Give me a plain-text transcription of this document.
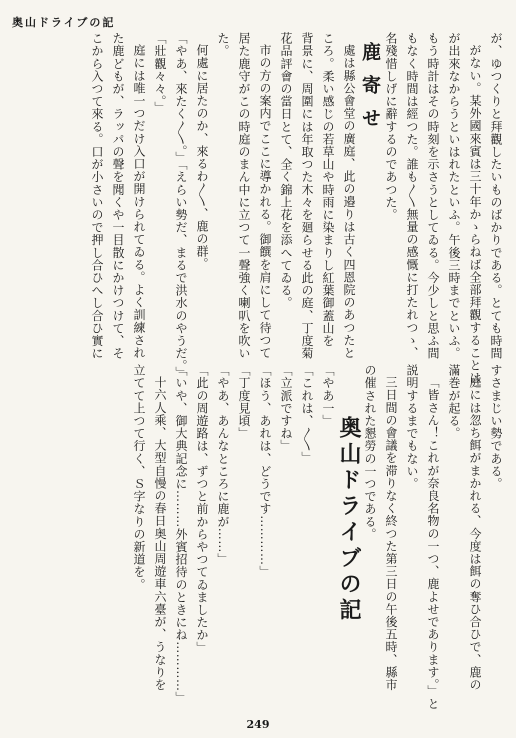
奥山ドライブの記

が、ゆつくりと拜觀したいものばかりである。とても時間

がない。某外國來賓は三十年かゝらねば全部拜觀することは

が出來なからうといはれたといふ。午後三時までといふ。

もう時計はその時刻を示さうとしてゐる。今少しと思ふ間

もなく時間は經つた。誰も〳〵無量の感慨に打たれつゝ、

名殘惜しげに辭するのであつた。

鹿寄せ

處は縣公會堂の廣庭、此の邉りは古く四恩院のあつたと

ころ。柔い感じの若草山や時雨に染まりし紅葉御蓋山を

背景に、周圍には年取つた木々を廻らせる此の庭、丁度菊

花品評會の當日とて、全く錦上花を添へてゐる。

市の方の案内でここに導かれる。御饌を肩にして待つて

居た鹿守がこの時庭のまん中に立つて一聲強く喇叭を吹い

た。

何處に居たのか、來るわ〳〵、鹿の群。

「やあ、來たく〳〵。」「えらい勢だ、まるで洪水のやうだ。」

「壯觀々々。」

庭には唯一つだけ入口が開けられてゐる。よく訓練され

た鹿どもが、ラッパの聲を聞くや一目散にかけつけて、そ

こから入つて來る。口が小さいので押し合ひへし合ひ實に

すさまじい勢である。

庭には忽ち餌がまかれる、今度は餌の奪ひ合ひで、鹿の

滿巻が起る。

「皆さん！これが奈良名物の一つ、鹿よせであります。」と

説明するまでもない。

三日間の會議を滞りなく終つた第三日の午後五時、縣市

の催された懇勞の一つである。

奥山ドライブの記

「やあ一」

「これは、〳〵」

「立派ですね」

「ほう、あれは、どうです…………」

「丁度見頃」

「やあ、あんなところに鹿が……」

「此の周遊路は、ずつと前からやつてゐましたか」

「いや、御大典記念に………外賓招待のときにね…………」

十六人乘、大型自慢の春日奥山周遊車六臺が、うなりを

立てて上つて行く、Ｓ字なりの新道を。

249
